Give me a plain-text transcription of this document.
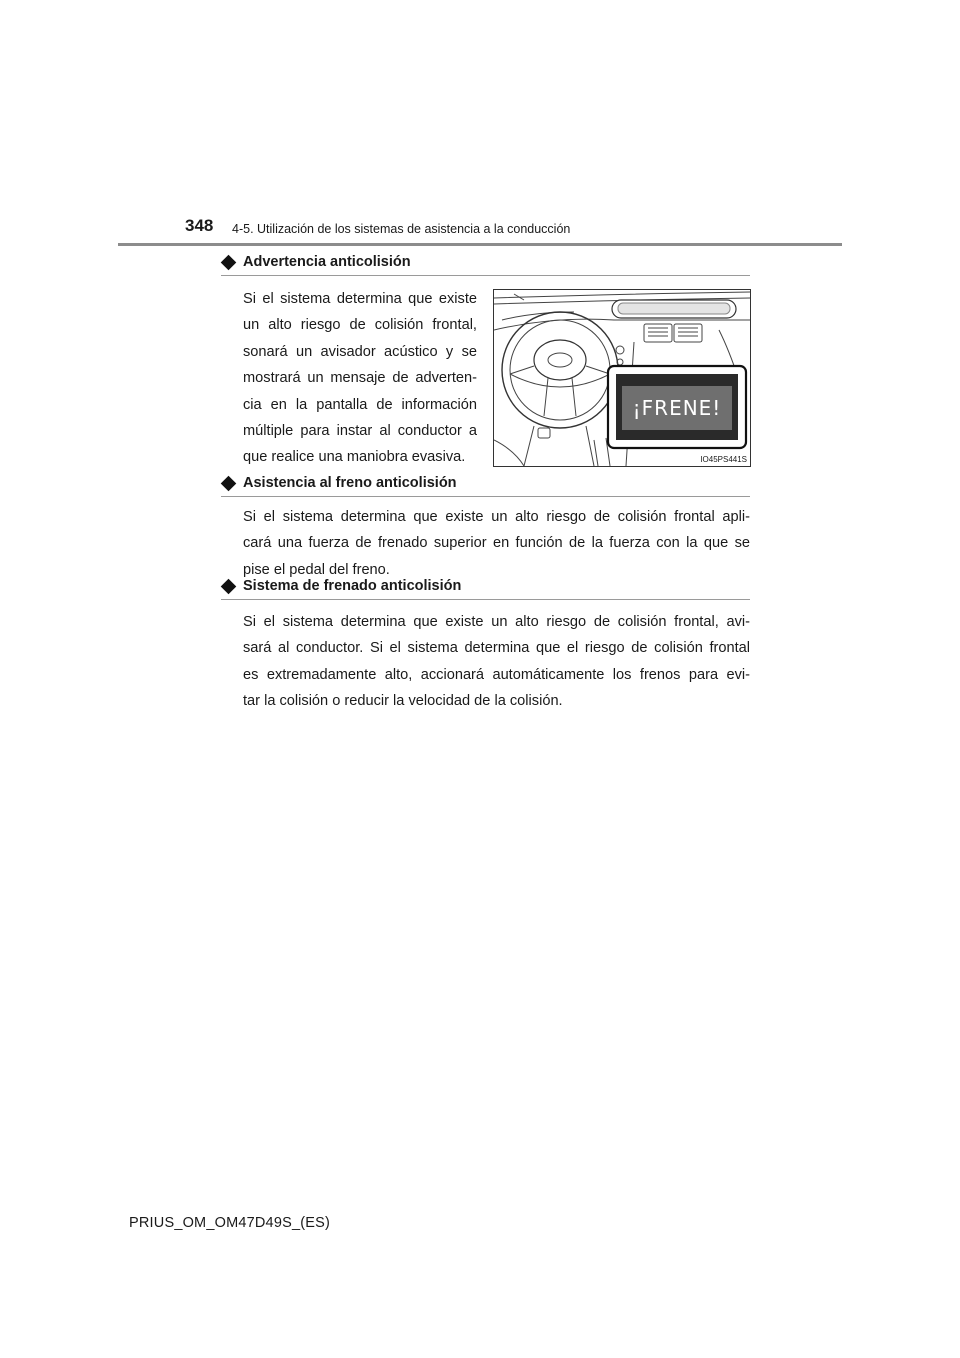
348 4-5. Utilización de los sistemas de asistencia a la conducción
Advertencia anticolisión
Si el sistema determina que existe
un alto riesgo de colisión frontal,
sonará un avisador acústico y se
mostrará un mensaje de adverten-
cia en la pantalla de información
múltiple para instar al conductor a
que realice una maniobra evasiva.
¡FRENE!
IO45PS441S
Asistencia al freno anticolisión
Si el sistema determina que existe un alto riesgo de colisión frontal apli-
cará una fuerza de frenado superior en función de la fuerza con la que se
pise el pedal del freno.
Sistema de frenado anticolisión
Si el sistema determina que existe un alto riesgo de colisión frontal, avi-
sará al conductor. Si el sistema determina que el riesgo de colisión frontal
es extremadamente alto, accionará automáticamente los frenos para evi-
tar la colisión o reducir la velocidad de la colisión.
PRIUS_OM_OM47D49S_(ES)
